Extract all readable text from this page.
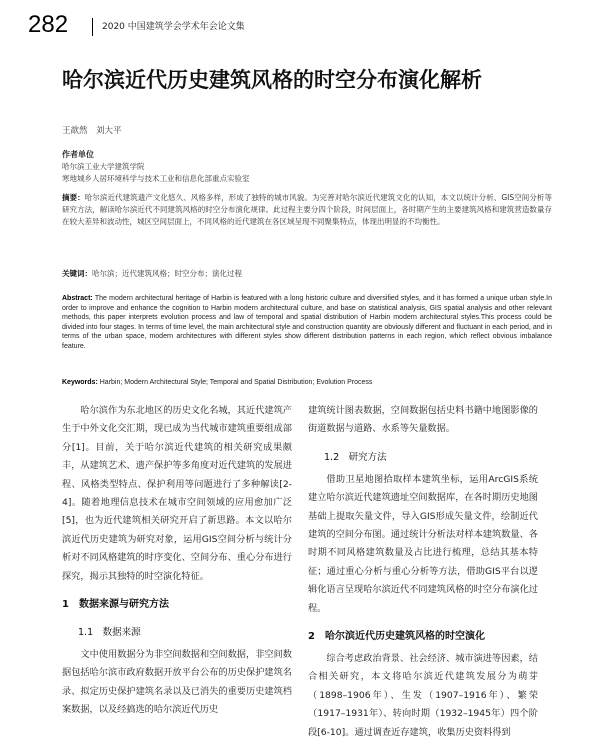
282	2020 中国建筑学会学术年会论文集
哈尔滨近代历史建筑风格的时空分布演化解析
王歆然　刘大平
作者单位
哈尔滨工业大学建筑学院
寒地城乡人居环境科学与技术工业和信息化部重点实验室
摘要：哈尔滨近代建筑遗产文化悠久、风格多样，形成了独特的城市风貌。为完善对哈尔滨近代建筑文化的认知，本文以统计分析、GIS空间分析等研究方法，解读哈尔滨近代不同建筑风格的时空分布演化规律。此过程主要分四个阶段，时间层面上，各时期产生的主要建筑风格和建筑营造数量存在较大差异和波动性，城区空间层面上，不同风格的近代建筑在各区域呈现不同聚集特点，体现出明显的不均衡性。
关键词：哈尔滨；近代建筑风格；时空分布；演化过程
Abstract: The modern architectural heritage of Harbin is featured with a long historic culture and diversified styles, and it has formed a unique urban style.In order to improve and enhance the cognition to Harbin modern architectural culture, and base on statistical analysis, GIS spatial analysis and other relevant methods, this paper interprets evolution process and law of temporal and spatial distribution of Harbin modern architectural styles.This process could be divided into four stages. In terms of time level, the main architectural style and construction quantity are obviously different and fluctuant in each period, and in terms of the urban space, modern architectures with different styles show different distribution patterns in each region, which reflect obvious imbalance feature.
Keywords: Harbin; Modern Architectural Style; Temporal and Spatial Distribution; Evolution Process

哈尔滨作为东北地区的历史文化名城，其近代建筑产生于中外文化交汇期，现已成为当代城市建筑重要组成部分[1]。目前，关于哈尔滨近代建筑的相关研究成果颇丰，从建筑艺术、遗产保护等多角度对近代建筑的发展进程、风格类型特点、保护利用等问题进行了多种解读[2-4]。随着地理信息技术在城市空间领域的应用愈加广泛[5]，也为近代建筑相关研究开启了新思路。本文以哈尔滨近代历史建筑为研究对象，运用GIS空间分析与统计分析对不同风格建筑的时序变化、空间分布、重心分布进行探究，揭示其独特的时空演化特征。

1　数据来源与研究方法
1.1　数据来源

文中使用数据分为非空间数据和空间数据，非空间数据包括哈尔滨市政府数据开放平台公布的历史保护建筑名录、拟定历史保护建筑名录以及已消失的重要历史建筑档案数据，以及经搞选的哈尔滨近代历史

建筑统计图表数据，空间数据包括史料书籍中地图影像的街道数据与道路、水系等矢量数据。

1.2　研究方法

借助卫星地图拾取样本建筑坐标，运用ArcGIS系统建立哈尔滨近代建筑遗址空间数据库，在各时期历史地图基础上提取矢量文件，导入GIS形成矢量文件，绘制近代建筑的空间分布图。通过统计分析法对样本建筑数量、各时期不同风格建筑数量及占比进行梳理，总结其基本特征；通过重心分析与重心分析等方法，借助GIS平台以逻辑化语言呈现哈尔滨近代不同建筑风格的时空分布演化过程。

2　哈尔滨近代历史建筑风格的时空演化

综合考虑政治背景、社会经济、城市演进等因素，结合相关研究，本文将哈尔滨近代建筑发展分为萌芽（1898–1906年）、生发（1907–1916年）、繁荣（1917–1931年）、转向时期（1932–1945年）四个阶段[6-10]。通过调查近存建筑，收集历史资料得到
